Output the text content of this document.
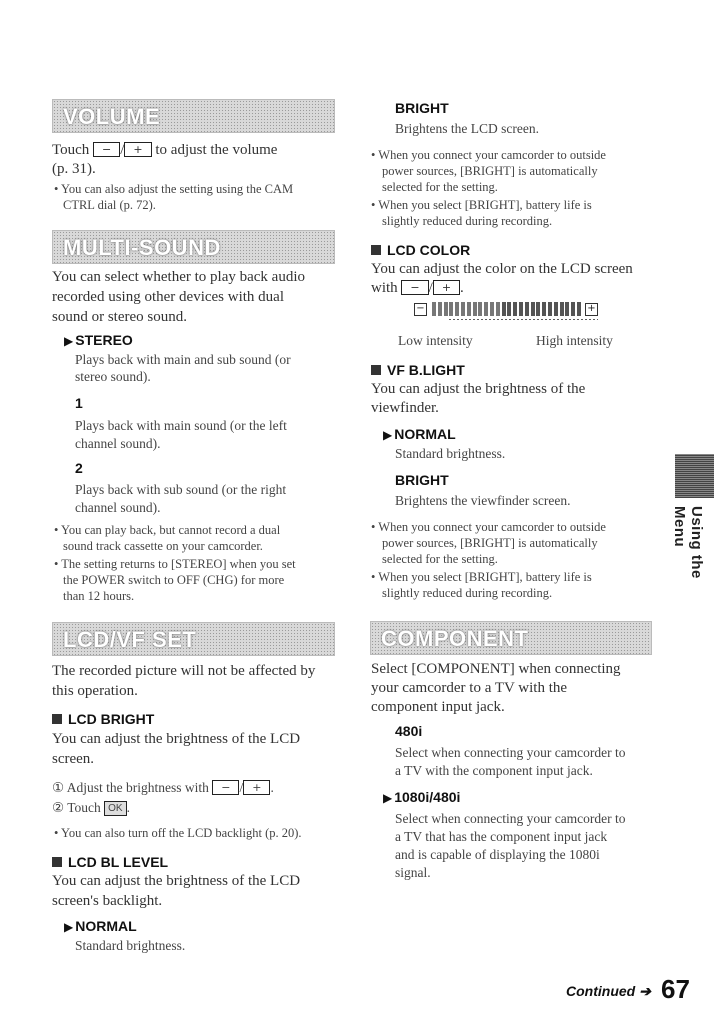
VOLUME

Touch − / + to adjust the volume

(p. 31).

• You can also adjust the setting using the CAM

CTRL dial (p. 72).

MULTI-SOUND

You can select whether to play back audio

recorded using other devices with dual

sound or stereo sound.

▶ STEREO
Plays back with main and sub sound (or
stereo sound).
1
Plays back with main sound (or the left
channel sound).
2
Plays back with sub sound (or the right
channel sound).

• You can play back, but cannot record a dual

sound track cassette on your camcorder.

• The setting returns to [STEREO] when you set

the POWER switch to OFF (CHG) for more

than 12 hours.

LCD/VF SET

The recorded picture will not be affected by

this operation.

LCD BRIGHT

You can adjust the brightness of the LCD

screen.

① Adjust the brightness with − / + .
② Touch OK .

• You can also turn off the LCD backlight (p. 20).

LCD BL LEVEL

You can adjust the brightness of the LCD

screen's backlight.

▶ NORMAL
Standard brightness.
BRIGHT
Brightens the LCD screen.

• When you connect your camcorder to outside

power sources, [BRIGHT] is automatically

selected for the setting.

• When you select [BRIGHT], battery life is

slightly reduced during recording.

LCD COLOR

You can adjust the color on the LCD screen

with − / + .

−	+
Low intensity	High intensity
VF B.LIGHT

You can adjust the brightness of the

viewfinder.

▶ NORMAL
Standard brightness.
BRIGHT
Brightens the viewfinder screen.

• When you connect your camcorder to outside

power sources, [BRIGHT] is automatically

selected for the setting.

• When you select [BRIGHT], battery life is

slightly reduced during recording.

COMPONENT

Select [COMPONENT] when connecting

your camcorder to a TV with the

component input jack.

480i
Select when connecting your camcorder to
a TV with the component input jack.
▶ 1080i/480i
Select when connecting your camcorder to
a TV that has the component input jack
and is capable of displaying the 1080i
signal.
Using the Menu
Continued ➔ 67
